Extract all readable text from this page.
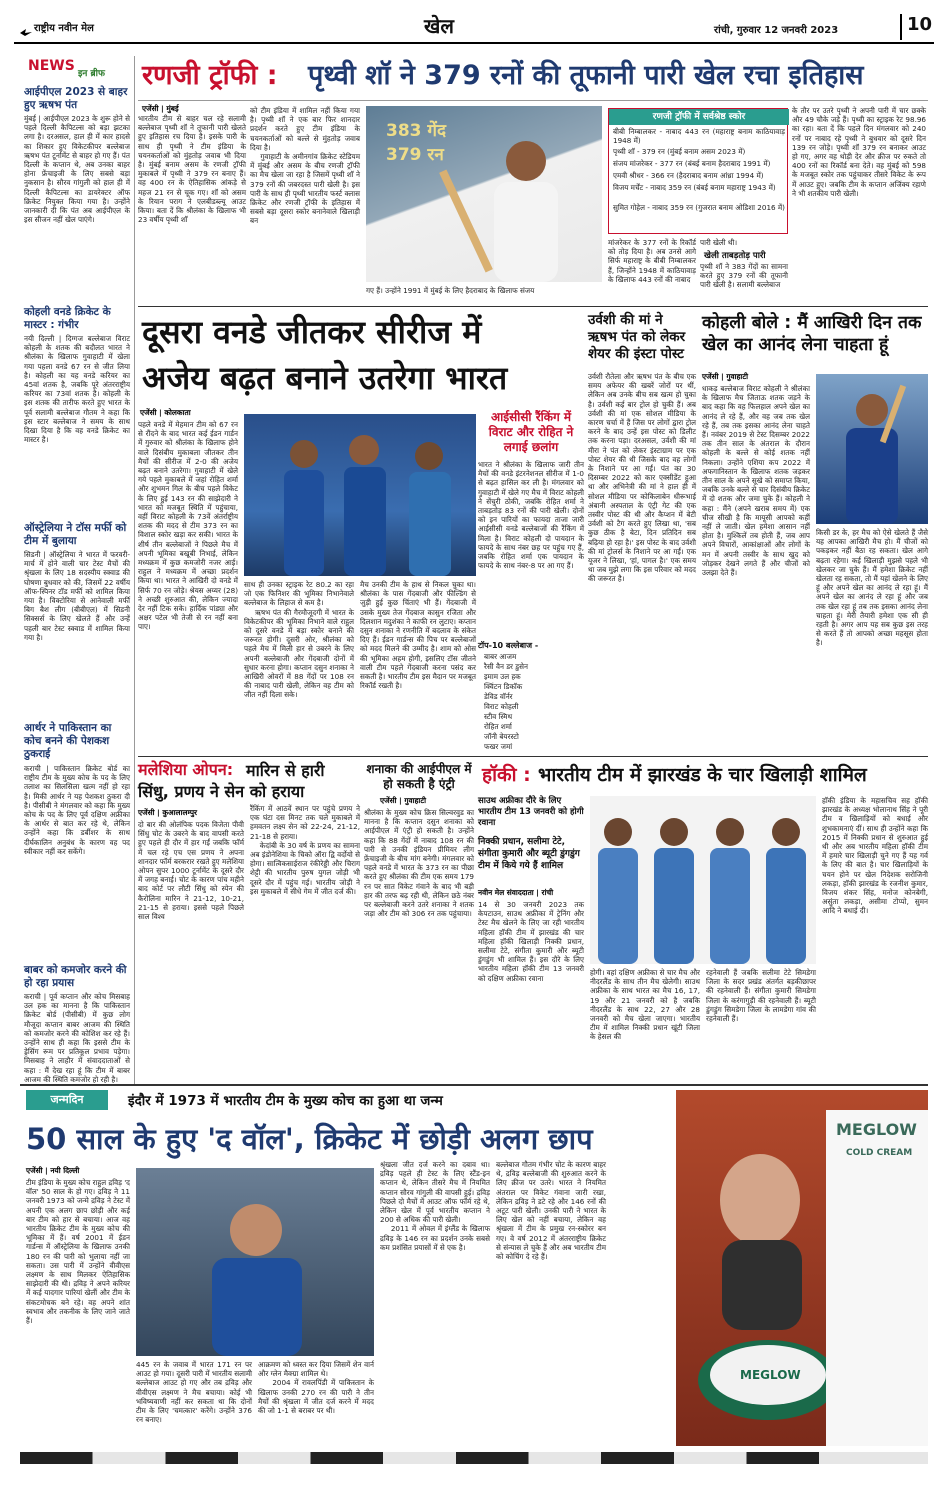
राष्ट्रीय नवीन मेल	खेल	रांची, गुरुवार 12 जनवरी 2023	10
NEWS इन ब्रीफ
आईपीएल 2023 से बाहर हुए ऋषभ पंत
मुंबई | आईपीएल 2023 के शुरू होने से पहले दिल्ली कैपिटल्स को बड़ा झटका लगा है। दरअसल, हाल ही में कार हादसे का शिकार हुए विकेटकीपर बल्लेबाज ऋषभ पंत टूर्नामेंट से बाहर हो गए हैं। पंत दिल्ली के कप्तान थे, अब उनका बाहर होना फ्रेंचाइजी के लिए सबसे बड़ा नुकसान है। सौरव गांगुली को हाल ही में दिल्ली कैपिटल्स का डायरेक्टर ऑफ क्रिकेट नियुक्त किया गया है। उन्होंने जानकारी दी कि पंत अब आईपीएल के इस सीजन नहीं खेल पाएंगे।
कोहली वनडे क्रिकेट के मास्टर : गंभीर
नयी दिल्ली | दिग्गज बल्लेबाज विराट कोहली के शतक की बदौलत भारत ने श्रीलंका के खिलाफ गुवाहाटी में खेला गया पहला वनडे 67 रन से जीत लिया है। कोहली का यह वनडे करियर का 45वां शतक है, जबकि पूरे अंतरराष्ट्रीय करियर का 73वां शतक है। कोहली के इस शतक की तारीफ करते हुए भारत के पूर्व सलामी बल्लेबाज गौतम ने कहा कि इस स्टार बल्लेबाज ने समय के साथ दिखा दिया है कि वह वनडे क्रिकेट का मास्टर है।
ऑस्ट्रेलिया ने टॉस मर्फी को टीम में बुलाया
सिडनी | ऑस्ट्रेलिया ने भारत में फरवरी-मार्च में होने वाली चार टेस्ट मैचों की श्रृंखला के लिए 18 सदस्यीय स्क्वाड की घोषणा बुधवार को की, जिसमें 22 वर्षीय ऑफ-स्पिनर टॉड मर्फी को शामिल किया गया है। विक्टोरिया से आनेवाली मर्फी बिग बैश लीग (बीबीएल) में सिडनी सिक्सर्स के लिए खेलते हैं और उन्हें पहली बार टेस्ट स्क्वाड में शामिल किया गया है।
आर्थर ने पाकिस्तान का कोच बनने की पेशकश ठुकराई
कराची | पाकिस्तान क्रिकेट बोर्ड का राष्ट्रीय टीम के मुख्य कोच के पद के लिए तलाश का सिलसिला खत्म नहीं हो रहा है। मिकी आर्थर ने यह पेशकश ठुकरा दी है। पीसीबी ने मंगलवार को कहा कि मुख्य कोच के पद के लिए पूर्व दक्षिण अफ्रीका के आर्थर से बात कर रहे थे, लेकिन उन्होंने कहा कि डर्बीशर के साथ दीर्घकालिन अनुबंध के कारण वह पद स्वीकार नहीं कर सकेंगे।
बाबर को कमजोर करने की हो रहा प्रयास
कराची | पूर्व कप्तान और कोच मिसबाह उल हक का मानना है कि पाकिस्तान क्रिकेट बोर्ड (पीसीबी) में कुछ लोग मौजूदा कप्तान बाबर आजम की स्थिति को कमजोर करने की कोशिश कर रहे हैं। उन्होंने साथ ही कहा कि इससे टीम के ड्रेसिंग रूम पर प्रतिकूल प्रभाव पड़ेगा। मिसबाह ने लाहौर में संवाददाताओं से कहा : मैं देख रहा हूं कि टीम में बाबर आजम की स्थिति कमजोर हो रही है।
रणजी ट्रॉफी : पृथ्वी शॉ ने 379 रनों की तूफानी पारी खेल रचा इतिहास
एजेंसी | मुंबई
भारतीय टीम से बाहर चल रहे सलामी बल्लेबाज पृथ्वी शॉ ने तूफानी पारी खेलते हुए इतिहास रच दिया है। इसके पारी के साथ ही पृथ्वी ने टीम इंडिया के चयनकर्ताओं को मुंहतोड़ जवाब भी दिया है। मुंबई बनाम असम के रणजी ट्रॉफी मुकाबले में पृथ्वी ने 379 रन बनाए हैं। वह 400 रन के ऐतिहासिक आंकड़े से महज 21 रन से चूक गए। शॉ को असम के रियान पराग ने एलबीडब्ल्यू आउट किया। बता दें कि श्रीलंका के खिलाफ भी 23 वर्षीय पृथ्वी शॉ
को टीम इंडिया में शामिल नहीं किया गया है। पृथ्वी शॉ ने एक बार फिर शानदार प्रदर्शन करते हुए टीम इंडिया के चयनकर्ताओं को बल्ले से मुंहतोड़ जवाब दिया है।
गुवाहाटी के अमीनगांव क्रिकेट स्टेडियम में मुंबई और असम के बीच रणजी ट्रॉफी का मैच खेला जा रहा है जिसमें पृथ्वी शॉ ने 379 रनों की जबरदस्त पारी खेली है। इस पारी के साथ ही पृथ्वी भारतीय फर्स्ट क्लास क्रिकेट और रणजी ट्रॉफी के इतिहास में सबसे बड़ा दूसरा स्कोर बनानेवाले खिलाड़ी बन
383 गेंद
379 रन
गए हैं। उन्होंने 1991 में मुंबई के लिए हैदराबाद के खिलाफ संजय
रणजी ट्रॉफी में सर्वश्रेष्ठ स्कोर
बीबी निम्बालकर - नाबाद 443 रन (महाराष्ट्र बनाम काठियावाड़ 1948 में)
पृथ्वी शॉ - 379 रन (मुंबई बनाम असम 2023 में)
संजय मांजरेकर - 377 रन (बंबई बनाम हैदराबाद 1991 में)
एमवी श्रीधर - 366 रन (हैदराबाद बनाम आंध्रा 1994 में)
विजय मर्चेंट - नाबाद 359 रन (बंबई बनाम महाराष्ट्र 1943 में)
सुमित गोहेल - नाबाद 359 रन (गुजरात बनाम ओडिशा 2016 में)
मांजरेकर के 377 रनों के रिकॉर्ड को तोड़ दिया है। अब उनसे आगे सिर्फ महाराष्ट्र के बीबी निम्बालकर हैं, जिन्होंने 1948 में काठियावाड़ के खिलाफ 443 रनों की नाबाद
पारी खेली थी।
खेली ताबड़तोड़ पारी
पृथ्वी शॉ ने 383 गेंदों का सामना करते हुए 379 रनों की तूफानी पारी खेली है। सलामी बल्लेबाज
के तौर पर उतरे पृथ्वी ने अपनी पारी में चार छक्के और 49 चौके जड़े हैं। पृथ्वी का स्ट्राइक रेट 98.96 का रहा। बता दें कि पहले दिन मंगलवार को 240 रनों पर नाबाद रहे पृथ्वी ने बुधवार को दूसरे दिन 139 रन जोड़े। पृथ्वी शॉ 379 रन बनाकर आउट हो गए, अगर वह थोड़ी देर और क्रीज पर रुकते तो 400 रनों का रिकॉर्ड बना देते। वह मुंबई को 598 के मजबूत स्कोर तक पहुंचाकर तीसरे विकेट के रूप में आउट हुए। जबकि टीम के कप्तान अजिंक्य रहाणे ने भी शतकीय पारी खेली।
दूसरा वनडे जीतकर सीरीज में
अजेय बढ़त बनाने उतरेगा भारत
एजेंसी | कोलकाता
पहले वनडे में मेहमान टीम को 67 रन से रौंदने के बाद भारत कई ईडन गार्डन में गुरुवार को श्रीलंका के खिलाफ होने वाले दिसंबीय मुकाबला जीतकर तीन मैचों की सीरीज में 2-0 की अजेय बढ़त बनाने उतरेगा। गुवाहाटी में खेले गये पहले मुकाबले में जहां रोहित शर्मा और शुभमन गिल के बीच पहले विकेट के लिए हुई 143 रन की साझेदारी ने भारत को मजबूत स्थिति में पहुंचाया, वहीं विराट कोहली के 73वें अंतर्राष्ट्रीय शतक की मदद से टीम 373 रन का विशाल स्कोर खड़ा कर सकी। भारत के शीर्ष तीन बल्लेबाजों ने पिछले मैच में अपनी भूमिका बखूबी निभाई, लेकिन मध्यक्रम में कुछ कमजोरी नजर आई। राहुल ने मध्यक्रम में अच्छा प्रदर्शन किया था। भारत ने आखिरी दो वनडे में सिर्फ 70 रन जोड़े। श्रेयस अय्यर (28) ने अच्छी शुरुआत की, लेकिन ज्यादा देर नहीं टिक सके। हार्दिक पांड्या और अक्षर पटेल भी तेजी से रन नहीं बना पाए।
साथ ही उनका स्ट्राइक रेट 80.2 का रहा जो एक फिनिशर की भूमिका निभानेवाले बल्लेबाज के लिहाज से कम है।
ऋषभ पंत की गैरमौजूदगी में भारत के विकेटकीपर की भूमिका निभाने वाले राहुल को दूसरे वनडे में बड़ा स्कोर बनाने की जरूरत होगी। दूसरी ओर, श्रीलंका को पहले मैच में मिली हार से उबरने के लिए अपनी बल्लेबाजी और गेंदबाजी दोनों में सुधार करना होगा। कप्तान दसुन शनाका ने आखिरी ओवरों में 88 गेंदों पर 108 रन की नाबाद पारी खेली, लेकिन वह टीम को जीत नहीं दिला सके।
मैच उनकी टीम के हाथ से निकल चुका था। श्रीलंका के पास गेंदबाजी और फील्डिंग से जुड़ी हुई कुछ चिंताएं भी हैं। गेंदबाजी में उसके मुख्य तेज गेंदबाज कासुन रजिता और दिलशान मदुशंका ने काफी रन लुटाए। कप्तान दसुन शनाका ने रणनीति में बदलाव के संकेत दिए हैं। ईडन गार्डन्स की पिच पर बल्लेबाजों को मदद मिलने की उम्मीद है। शाम को ओस की भूमिका अहम होगी, इसलिए टॉस जीतने वाली टीम पहले गेंदबाजी करना पसंद कर सकती है। भारतीय टीम इस मैदान पर मजबूत रिकॉर्ड रखती है।
आईसीसी रैंकिंग में विराट और रोहित ने लगाई छलांग
भारत ने श्रीलंका के खिलाफ जारी तीन मैचों की वनडे इंटरनेशनल सीरीज में 1-0 से बढ़त हासिल कर ली है। मंगलवार को गुवाहाटी में खेले गए मैच में विराट कोहली ने सेंचुरी ठोकी, जबकि रोहित शर्मा ने ताबड़तोड़ 83 रनों की पारी खेली। दोनों को इन पारियों का फायदा ताजा जारी आईसीसी वनडे बल्लेबाजों की रैंकिंग में मिला है। विराट कोहली दो पायदान के फायदे के साथ नंबर छह पर पहुंच गए हैं, जबकि रोहित शर्मा एक पायदान के फायदे के साथ नंबर-8 पर आ गए हैं।
टॉप-10 बल्लेबाज -
बाबर आजम
रैसी वैन डर डुसेन
इमाम उल हक
क्विंटन डिकॉक
डेविड वॉर्नर
विराट कोहली
स्टीव स्मिथ
रोहित शर्मा
जॉनी बेयरस्टो
फखर जमां
उर्वशी की मां ने ऋषभ पंत को लेकर शेयर की इंस्टा पोस्ट
उर्वशी रौतेला और ऋषभ पंत के बीच एक समय अफेयर की खबरें जोरों पर थीं, लेकिन अब उनके बीच सब खत्म हो चुका है। उर्वशी कई बार ट्रोल हो चुकी हैं। अब उर्वशी की मां एक सोशल मीडिया के कारण चर्चा में हैं जिस पर लोगों द्वारा ट्रोल करने के बाद उन्हें इस पोस्ट को डिलीट तक करना पड़ा। दरअसल, उर्वशी की मां मीरा ने पंत को लेकर इंस्टाग्राम पर एक पोस्ट शेयर की थी जिसके बाद वह लोगों के निशाने पर आ गईं। पंत का 30 दिसम्बर 2022 को कार एक्सीडेंट हुआ था और अभिनेत्री की मां ने हाल ही में सोशल मीडिया पर कोकिलाबेन धीरूभाई अंबानी अस्पताल के एंट्री गेट की एक तस्वीर पोस्ट की थी और कैप्शन में बेटी उर्वशी को टैग करते हुए लिखा था, 'सब कुछ ठीक है बेटा, दिन प्रतिदिन सब बढ़िया हो रहा है।' इस पोस्ट के बाद उर्वशी की मां ट्रोलर्स के निशाने पर आ गईं। एक यूजर ने लिखा, 'हां, पागल है।' एक समय था जब मुझे लगा कि इस परिवार को मदद की जरूरत है।
कोहली बोले : मैं आखिरी दिन तक खेल का आनंद लेना चाहता हूं
एजेंसी | गुवाहाटी
धाकड़ बल्लेबाज विराट कोहली ने श्रीलंका के खिलाफ मैच जिताऊ शतक जड़ने के बाद कहा कि वह फिलहाल अपने खेल का आनंद ले रहे हैं, और वह जब तक खेल रहे हैं, तब तक इसका आनंद लेना चाहते हैं। नवंबर 2019 से टेस्ट दिसम्बर 2022 तक तीन साल के अंतराल के दौरान कोहली के बल्ले से कोई शतक नहीं निकला। उन्होंने एशिया कप 2022 में अफगानिस्तान के खिलाफ शतक जड़कर तीन साल के अपने सूखे को समाप्त किया, जबकि उनके बल्ले से चार दिसंबीय क्रिकेट में दो शतक और जमा चुके हैं। कोहली ने कहा : मैंने (अपने खराब समय में) एक चीज सीखी है कि मायूसी आपको कहीं नहीं ले जाती। खेल हमेशा आसान नहीं होता है। मुश्किलें तब होती हैं, जब आप अपने विचारों, आकांक्षाओं और लोगों के मन में अपनी तस्वीर के साथ खुद को जोड़कर देखने लगते हैं और चीजों को उलझा देते हैं।
किसी डर के, हर मैच को ऐसे खेलते हैं जैसे यह आपका आखिरी मैच हो। मैं चीजों को पकड़कर नहीं बैठा रह सकता। खेल आगे बढ़ता रहेगा। कई खिलाड़ी मुझसे पहले भी खेलकर जा चुके हैं। मैं हमेशा क्रिकेट नहीं खेलता रह सकता, तो मैं यहां खेलने के लिए हूं और अपने खेल का आनंद ले रहा हूं। मैं अपने खेल का आनंद ले रहा हूं और जब तक खेल रहा हूं तब तक इसका आनंद लेना चाहता हूं। मेरी तैयारी हमेशा एक सी ही रहती है। अगर आप यह सब कुछ इस तरह से करते हैं तो आपको अच्छा महसूस होता है।
मलेशिया ओपन: मारिन से हारी सिंधु, प्रणय ने सेन को हराया
एजेंसी | कुआलालम्पुर
दो बार की ओलंपिक पदक विजेता पीवी सिंधु चोट के उबरने के बाद वापसी करते हुए पहले ही दौर में हार गईं जबकि फॉर्म में चल रहे एच एस प्रणय ने अपना शानदार फॉर्म बरकरार रखते हुए मलेशिया ओपन सुपर 1000 टूर्नामेंट के दूसरे दौर में जगह बनाई। चोट के कारण पांच महीने बाद कोर्ट पर लौटी सिंधु को स्पेन की कैरोलिना मारिन ने 21-12, 10-21, 21-15 से हराया। इससे पहले पिछले साल विश्व
रैंकिंग में आठवें स्थान पर पहुंचे प्रणय ने एक घंटा दस मिनट तक चले मुकाबले में हमवतन लक्ष्य सेन को 22-24, 21-12, 21-18 से हराया।
केदांबी के 30 वर्ष के प्रणय का सामना अब इंडोनेशिया के चिको ऑरा द्वि वर्दोयो से होगा। सात्विकसाईराज रंकीरेड्डी और चिराग शेट्टी की भारतीय पुरुष युगल जोड़ी भी दूसरे दौर में पहुंच गई। भारतीय जोड़ी ने इस मुकाबले में सीधे गेम में जीत दर्ज की।
शनाका की आईपीएल में हो सकती है एंट्री
एजेंसी | गुवाहाटी
श्रीलंका के मुख्य कोच क्रिस सिल्वरवुड का मानना है कि कप्तान दसुन शनाका को आईपीएल में एंट्री हो सकती है। उन्होंने कहा कि 88 गेंदों में नाबाद 108 रन की पारी से उनकी इंडियन प्रीमियर लीग फ्रेंचाइजी के बीच मांग बनेगी। मंगलवार को पहले वनडे में भारत के 373 रन का पीछा करते हुए श्रीलंका की टीम एक समय 179 रन पर सात विकेट गंवाने के बाद भी बड़ी हार की तरफ बढ़ रही थी, लेकिन छठे नंबर पर बल्लेबाजी करने उतरे शनाका ने शतक जड़ा और टीम को 306 रन तक पहुंचाया।
हॉकी : भारतीय टीम में झारखंड के चार खिलाड़ी शामिल
साउथ अफ्रीका दौरे के लिए भारतीय टीम 13 जनवरी को होगी रवाना
निक्की प्रधान, सलीमा टेटे, संगीता कुमारी और ब्यूटी डुंगडुंग टीम में किये गये हैं शामिल
नवीन मेल संवाददाता | रांची
14 से 30 जनवरी 2023 तक केपटाउन, साउथ अफ्रीका में ट्रेनिंग और टेस्ट मैच खेलने के लिए जा रही भारतीय महिला हॉकी टीम में झारखंड की चार महिला हॉकी खिलाड़ी निक्की प्रधान, सलीमा टेटे, संगीता कुमारी और ब्यूटी डुंगडुंग भी शामिल हैं। इस दौरे के लिए भारतीय महिला हॉकी टीम 13 जनवरी को दक्षिण अफ्रीका रवाना
होगी। वहां दक्षिण अफ्रीका से चार मैच और नीदरलैंड के साथ तीन मैच खेलेगी। साउथ अफ्रीका के साथ भारत का मैच 16, 17, 19 और 21 जनवरी को है जबकि नीदरलैंड के साथ 22, 27 और 28 जनवरी को मैच खेला जाएगा। भारतीय टीम में शामिल निक्की प्रधान खूंटी जिला के हेसल की
रहनेवाली हैं जबकि सलीमा टेटे सिमडेगा जिला के सदर प्रखंड अंतर्गत बड़कीछापर की रहनेवाली हैं। संगीता कुमारी सिमडेगा जिला के करंगागुड़ी की रहनेवाली हैं। ब्यूटी डुंगडुंग सिमडेगा जिला के लामडेगा गांव की रहनेवाली हैं।
हॉकी इंडिया के महासचिव सह हॉकी झारखंड के अध्यक्ष भोलानाथ सिंह ने पूरी टीम व खिलाड़ियों को बधाई और शुभकामनाएं दीं। साथ ही उन्होंने कहा कि 2015 में निक्की प्रधान से शुरुआत हुई थी और अब भारतीय महिला हॉकी टीम में हमारे चार खिलाड़ी चुने गए हैं यह गर्व के लिए की बात है। चार खिलाड़ियों के चयन होने पर खेल निदेशक सरोजिनी लकड़ा, हॉकी झारखंड के रजनीश कुमार, विजय शंकर सिंह, मनोज कोनबेगी, असुंता लकड़ा, असीमा टोप्पो, सुमन आदि ने बधाई दी।
जन्मदिन	इंदौर में 1973 में भारतीय टीम के मुख्य कोच का हुआ था जन्म
50 साल के हुए 'द वॉल', क्रिकेट में छोड़ी अलग छाप
एजेंसी | नयी दिल्ली
टीम इंडिया के मुख्य कोच राहुल द्रविड़ 'द वॉल' 50 साल के हो गए। द्रविड़ ने 11 जनवरी 1973 को जन्मे द्रविड़ ने टेस्ट में अपनी एक अलग छाप छोड़ी और कई बार टीम को हार से बचाया। आज वह भारतीय क्रिकेट टीम के मुख्य कोच की भूमिका में हैं। वर्ष 2001 में ईडन गार्डन्स में ऑस्ट्रेलिया के खिलाफ उनकी 180 रन की पारी को भुलाया नहीं जा सकता। उस पारी में उन्होंने वीवीएस लक्ष्मण के साथ मिलकर ऐतिहासिक साझेदारी की थी। द्रविड़ ने अपने करियर में कई यादगार पारियां खेलीं और टीम के संकटमोचक बने रहे। वह अपने शांत स्वभाव और तकनीक के लिए जाने जाते हैं।
445 रन के जवाब में भारत 171 रन पर आउट हो गया। दूसरी पारी में भारतीय सलामी बल्लेबाज आउट हो गए और तब द्रविड़ और वीवीएस लक्ष्मण ने मैच बचाया। कोई भी भविष्यवाणी नहीं कर सकता था कि दोनों टीम के लिए 'चमत्कार' करेंगे। उन्होंने 376 रन बनाए।
आक्रमण को ध्वस्त कर दिया जिसमें शेन वार्न और ग्लेन मैक्ग्रा शामिल थे।
2004 में रावलपिंडी में पाकिस्तान के खिलाफ उनकी 270 रन की पारी ने तीन मैचों की श्रृंखला में जीत दर्ज करने में मदद की जो 1-1 से बराबर पर थी।
श्रृंखला जीत दर्ज करने का दबाव था। द्रविड़ पहले ही टेस्ट के लिए स्टैंड-इन कप्तान थे, लेकिन तीसरे मैच में नियमित कप्तान सौरव गांगुली की वापसी हुई। द्रविड़ पिछले दो मैचों में आउट ऑफ फॉर्म रहे थे, लेकिन खेल में पूर्व भारतीय कप्तान ने 200 से अधिक की पारी खेली।
2011 में ओवल में इंग्लैंड के खिलाफ द्रविड़ के 146 रन का प्रदर्शन उनके सबसे कम प्रशंसित प्रयासों में से एक है।
बल्लेबाज गौतम गंभीर चोट के कारण बाहर थे, द्रविड़ बल्लेबाजी की शुरुआत करने के लिए क्रीज पर उतरे। भारत ने नियमित अंतराल पर विकेट गंवाना जारी रखा, लेकिन द्रविड़ ने डटे रहे और 146 रनों की अटूट पारी खेली। उनकी पारी ने भारत के लिए खेल को नहीं बचाया, लेकिन वह श्रृंखला में टीम के प्रमुख रन-स्कोरर बन गए। वे वर्ष 2012 में अंतरराष्ट्रीय क्रिकेट से संन्यास ले चुके हैं और अब भारतीय टीम को कोचिंग दे रहे हैं।
MEGLOW
COLD CREAM
MEGLOW
